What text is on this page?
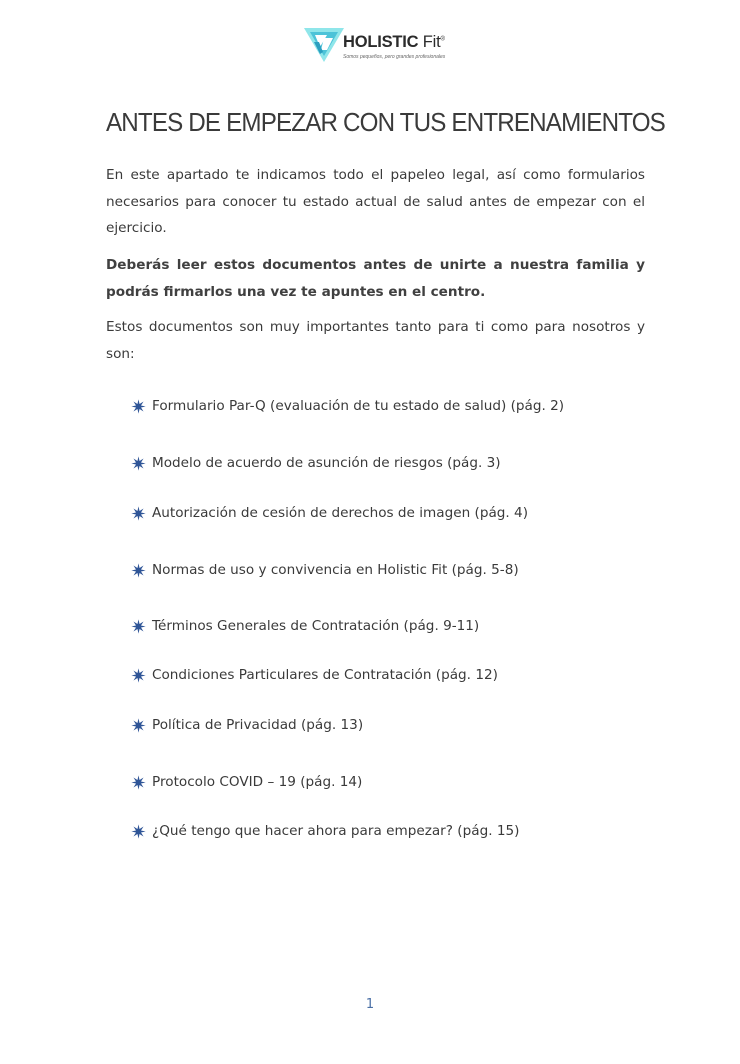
HOLISTIC Fit®
Somos pequeños, pero grandes profesionales
ANTES DE EMPEZAR CON TUS ENTRENAMIENTOS

En este apartado te indicamos todo el papeleo legal, así como formularios necesarios para conocer tu estado actual de salud antes de empezar con el ejercicio.

Deberás leer estos documentos antes de unirte a nuestra familia y podrás firmarlos una vez te apuntes en el centro.

Estos documentos son muy importantes tanto para ti como para nosotros y son:

Formulario Par-Q (evaluación de tu estado de salud) (pág. 2)
Modelo de acuerdo de asunción de riesgos (pág. 3)
Autorización de cesión de derechos de imagen (pág. 4)
Normas de uso y convivencia en Holistic Fit (pág. 5-8)
Términos Generales de Contratación (pág. 9-11)
Condiciones Particulares de Contratación (pág. 12)
Política de Privacidad (pág. 13)
Protocolo COVID – 19 (pág. 14)
¿Qué tengo que hacer ahora para empezar? (pág. 15)
1
